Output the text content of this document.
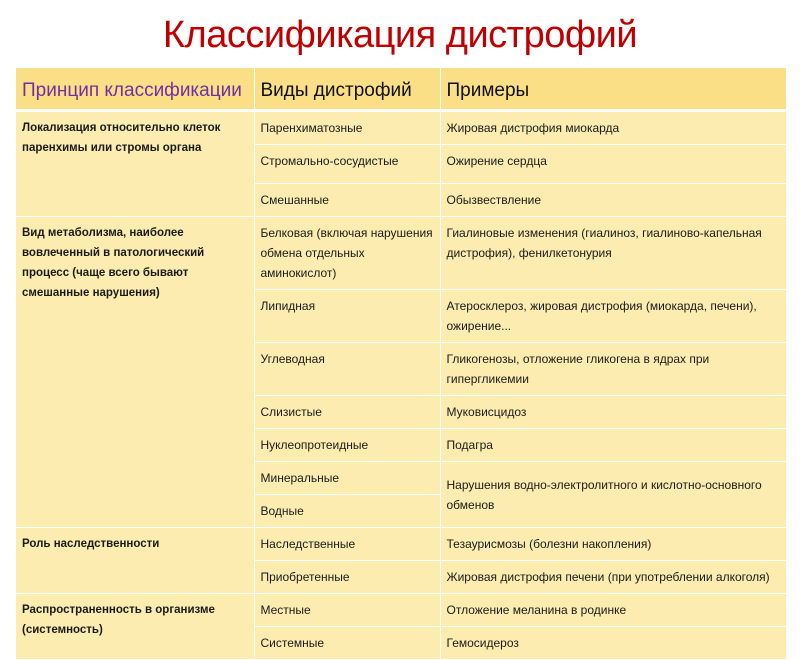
Классификация дистрофий
Принцип классификации	Виды дистрофий	Примеры
Локализация относительно клеток паренхимы или стромы органа	Паренхиматозные	Жировая дистрофия миокарда
	Стромально-сосудистые	Ожирение сердца
	Смешанные	Обызвествление
Вид метаболизма, наиболее вовлеченный в патологический процесс (чаще всего бывают смешанные нарушения)	Белковая (включая нарушения обмена отдельных аминокислот)	Гиалиновые изменения (гиалиноз, гиалиново-капельная дистрофия), фенилкетонурия
	Липидная	Атеросклероз, жировая дистрофия (миокарда, печени), ожирение...
	Углеводная	Гликогенозы, отложение гликогена в ядрах при гипергликемии
	Слизистые	Муковисцидоз
	Нуклеопротеидные	Подагра
	Минеральные	Нарушения водно-электролитного и кислотно-основного обменов
	Водные	
Роль наследственности	Наследственные	Тезаурисмозы (болезни накопления)
	Приобретенные	Жировая дистрофия печени (при употреблении алкоголя)
Распространенность в организме (системность)	Местные	Отложение меланина в родинке
	Системные	Гемосидероз
